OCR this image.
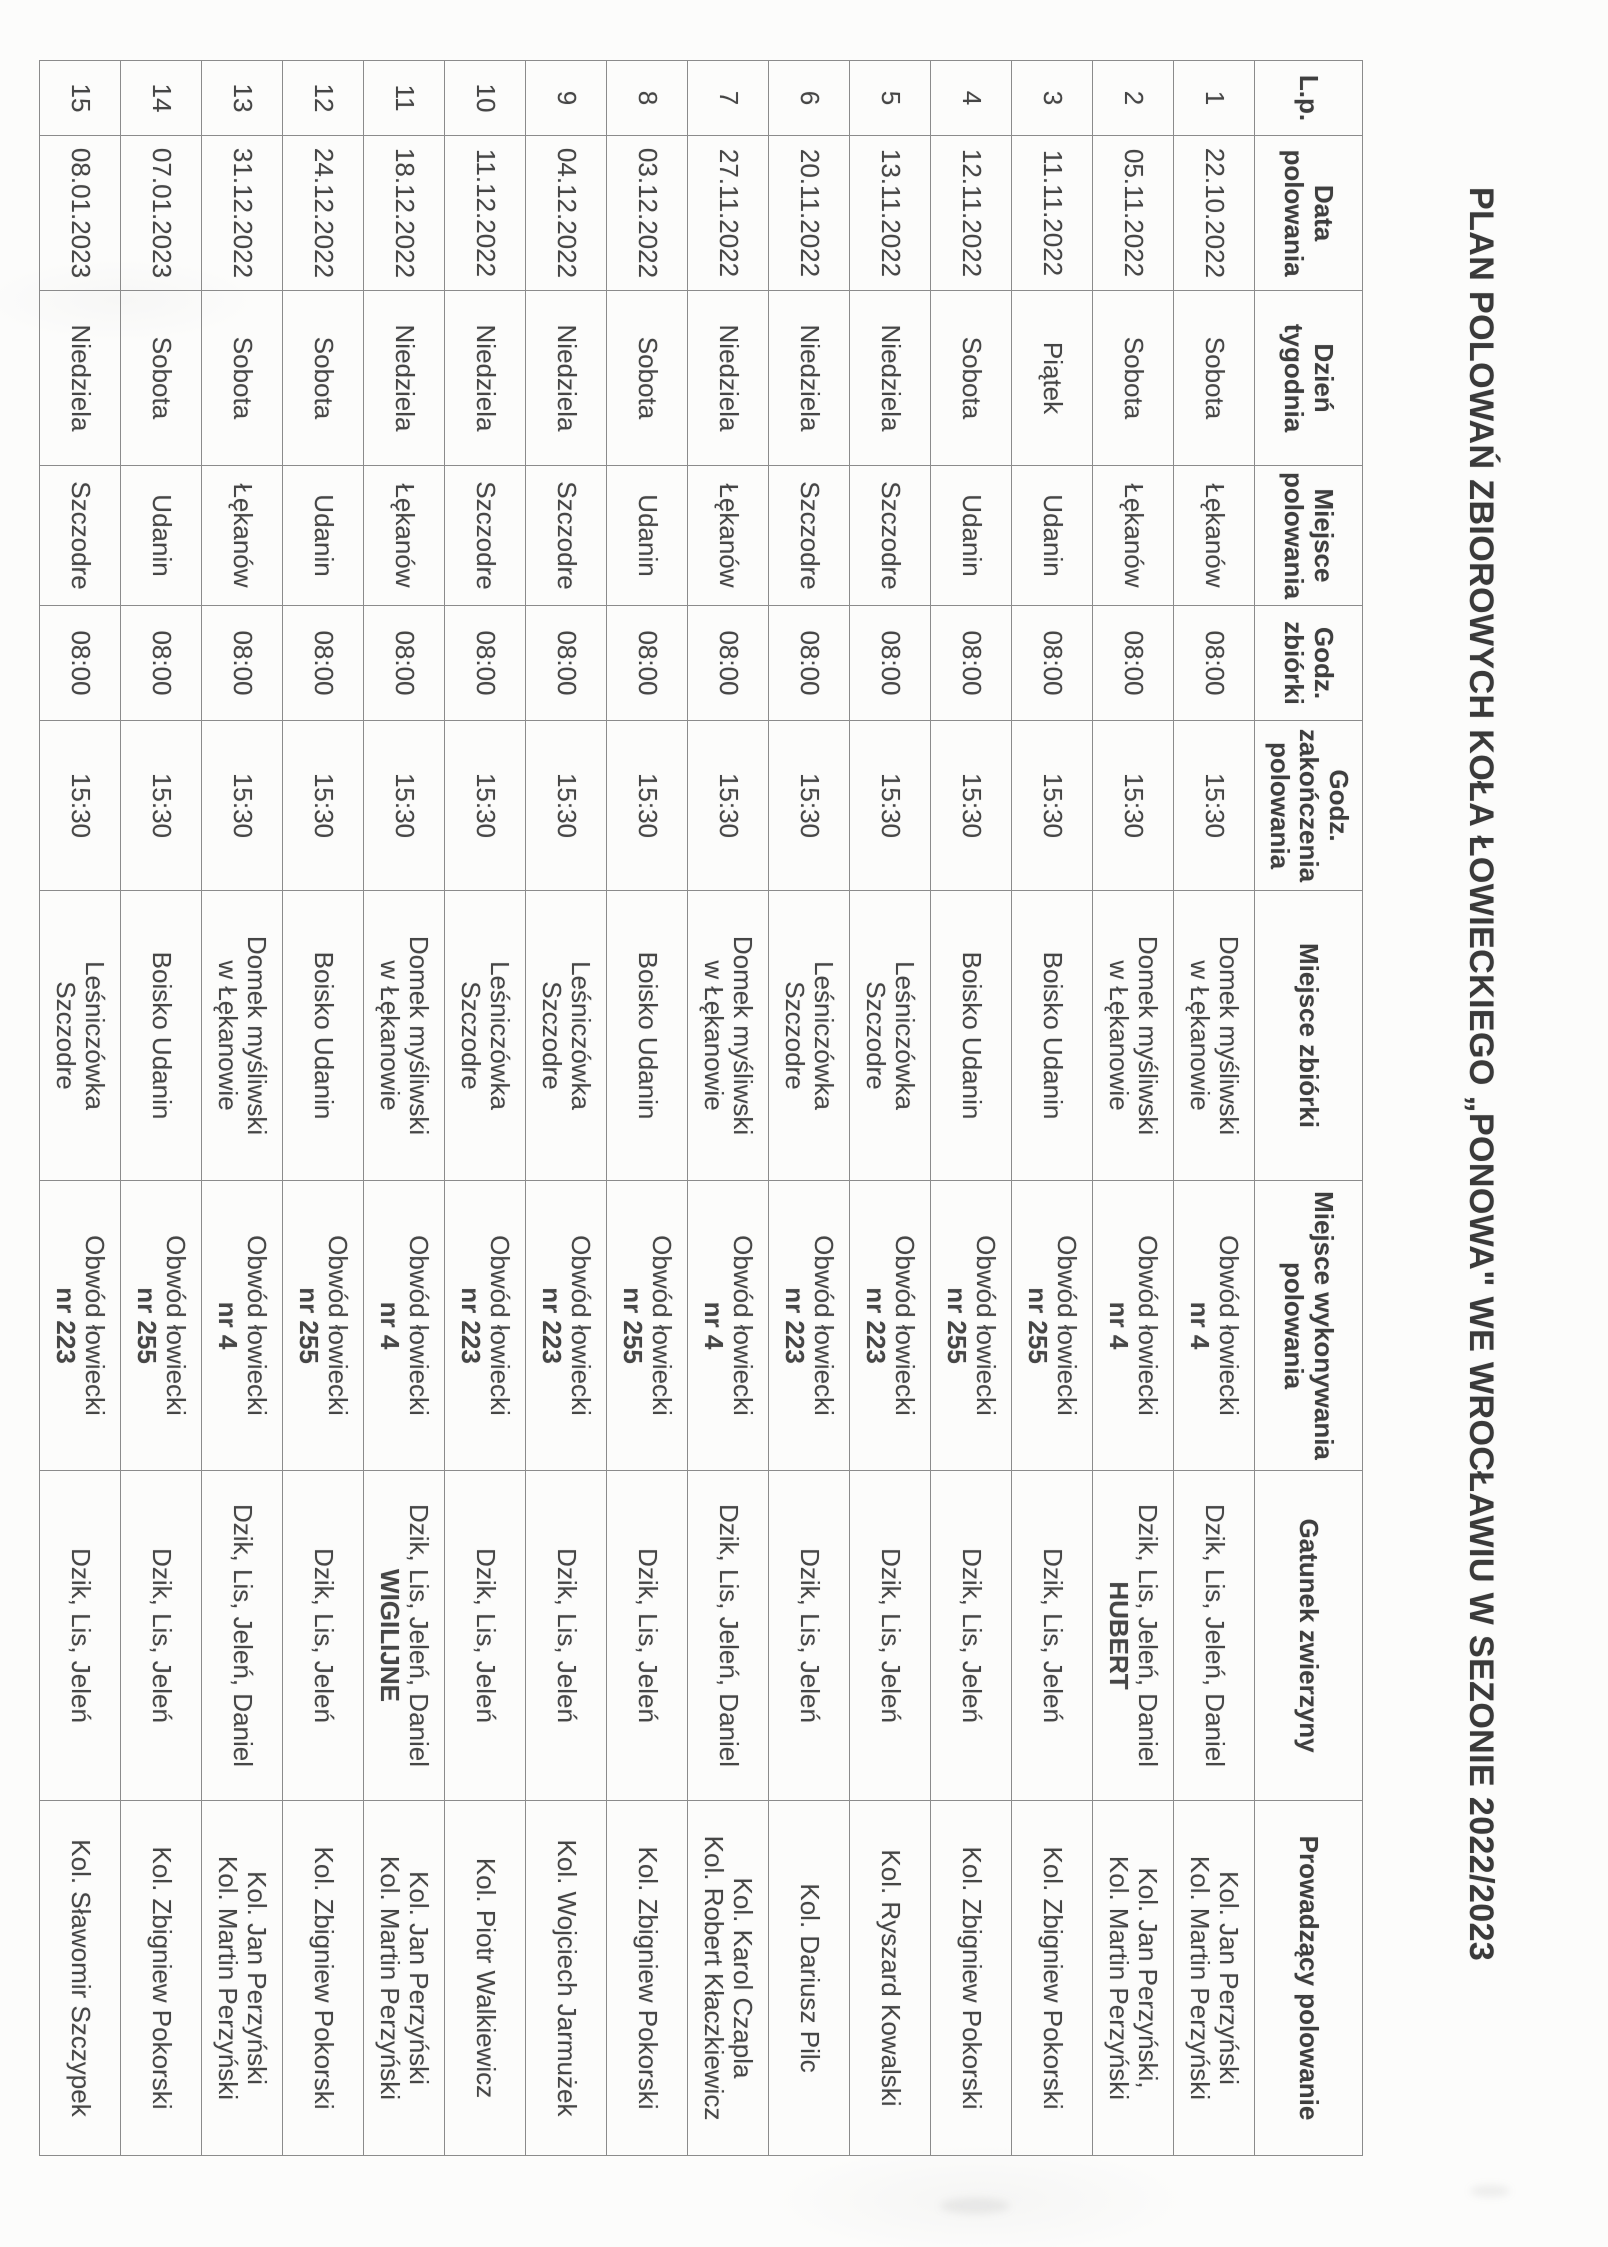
PLAN POLOWAŃ ZBIOROWYCH KOŁA ŁOWIECKIEGO „PONOWA" WE WROCŁAWIU W SEZONIE 2022/2023
L.p.	Data polowania	Dzień tygodnia	Miejsce polowania	Godz. zbiórki	Godz. zakończenia polowania	Miejsce zbiórki	Miejsce wykonywania polowania	Gatunek zwierzyny	Prowadzący polowanie
1	22.10.2022	Sobota	Łękanów	08:00	15:30	Domek myśliwski
w Łękanowie	Obwód łowiecki
nr 4	Dzik, Lis, Jeleń, Daniel	Kol. Jan Perzyński
Kol. Martin Perzyński
2	05.11.2022	Sobota	Łękanów	08:00	15:30	Domek myśliwski
w Łękanowie	Obwód łowiecki
nr 4	Dzik, Lis, Jeleń, Daniel
HUBERT	Kol. Jan Perzyński,
Kol. Martin Perzyński
3	11.11.2022	Piątek	Udanin	08:00	15:30	Boisko Udanin	Obwód łowiecki
nr 255	Dzik, Lis, Jeleń	Kol. Zbigniew Pokorski
4	12.11.2022	Sobota	Udanin	08:00	15:30	Boisko Udanin	Obwód łowiecki
nr 255	Dzik, Lis, Jeleń	Kol. Zbigniew Pokorski
5	13.11.2022	Niedziela	Szczodre	08:00	15:30	Leśniczówka
Szczodre	Obwód łowiecki
nr 223	Dzik, Lis, Jeleń	Kol. Ryszard Kowalski
6	20.11.2022	Niedziela	Szczodre	08:00	15:30	Leśniczówka
Szczodre	Obwód łowiecki
nr 223	Dzik, Lis, Jeleń	Kol. Dariusz Pilc
7	27.11.2022	Niedziela	Łękanów	08:00	15:30	Domek myśliwski
w Łękanowie	Obwód łowiecki
nr 4	Dzik, Lis, Jeleń, Daniel	Kol. Karol Czapla
Kol. Robert Kłaczkiewicz
8	03.12.2022	Sobota	Udanin	08:00	15:30	Boisko Udanin	Obwód łowiecki
nr 255	Dzik, Lis, Jeleń	Kol. Zbigniew Pokorski
9	04.12.2022	Niedziela	Szczodre	08:00	15:30	Leśniczówka
Szczodre	Obwód łowiecki
nr 223	Dzik, Lis, Jeleń	Kol. Wojciech Jarmużek
10	11.12.2022	Niedziela	Szczodre	08:00	15:30	Leśniczówka
Szczodre	Obwód łowiecki
nr 223	Dzik, Lis, Jeleń	Kol. Piotr Walkiewicz
11	18.12.2022	Niedziela	Łękanów	08:00	15:30	Domek myśliwski
w Łękanowie	Obwód łowiecki
nr 4	Dzik, Lis, Jeleń, Daniel
WIGILIJNE	Kol. Jan Perzyński
Kol. Martin Perzyński
12	24.12.2022	Sobota	Udanin	08:00	15:30	Boisko Udanin	Obwód łowiecki
nr 255	Dzik, Lis, Jeleń	Kol. Zbigniew Pokorski
13	31.12.2022	Sobota	Łękanów	08:00	15:30	Domek myśliwski
w Łękanowie	Obwód łowiecki
nr 4	Dzik, Lis, Jeleń, Daniel	Kol. Jan Perzyński
Kol. Martin Perzyński
14	07.01.2023	Sobota	Udanin	08:00	15:30	Boisko Udanin	Obwód łowiecki
nr 255	Dzik, Lis, Jeleń	Kol. Zbigniew Pokorski
15	08.01.2023	Niedziela	Szczodre	08:00	15:30	Leśniczówka
Szczodre	Obwód łowiecki
nr 223	Dzik, Lis, Jeleń	Kol. Sławomir Szczypek
